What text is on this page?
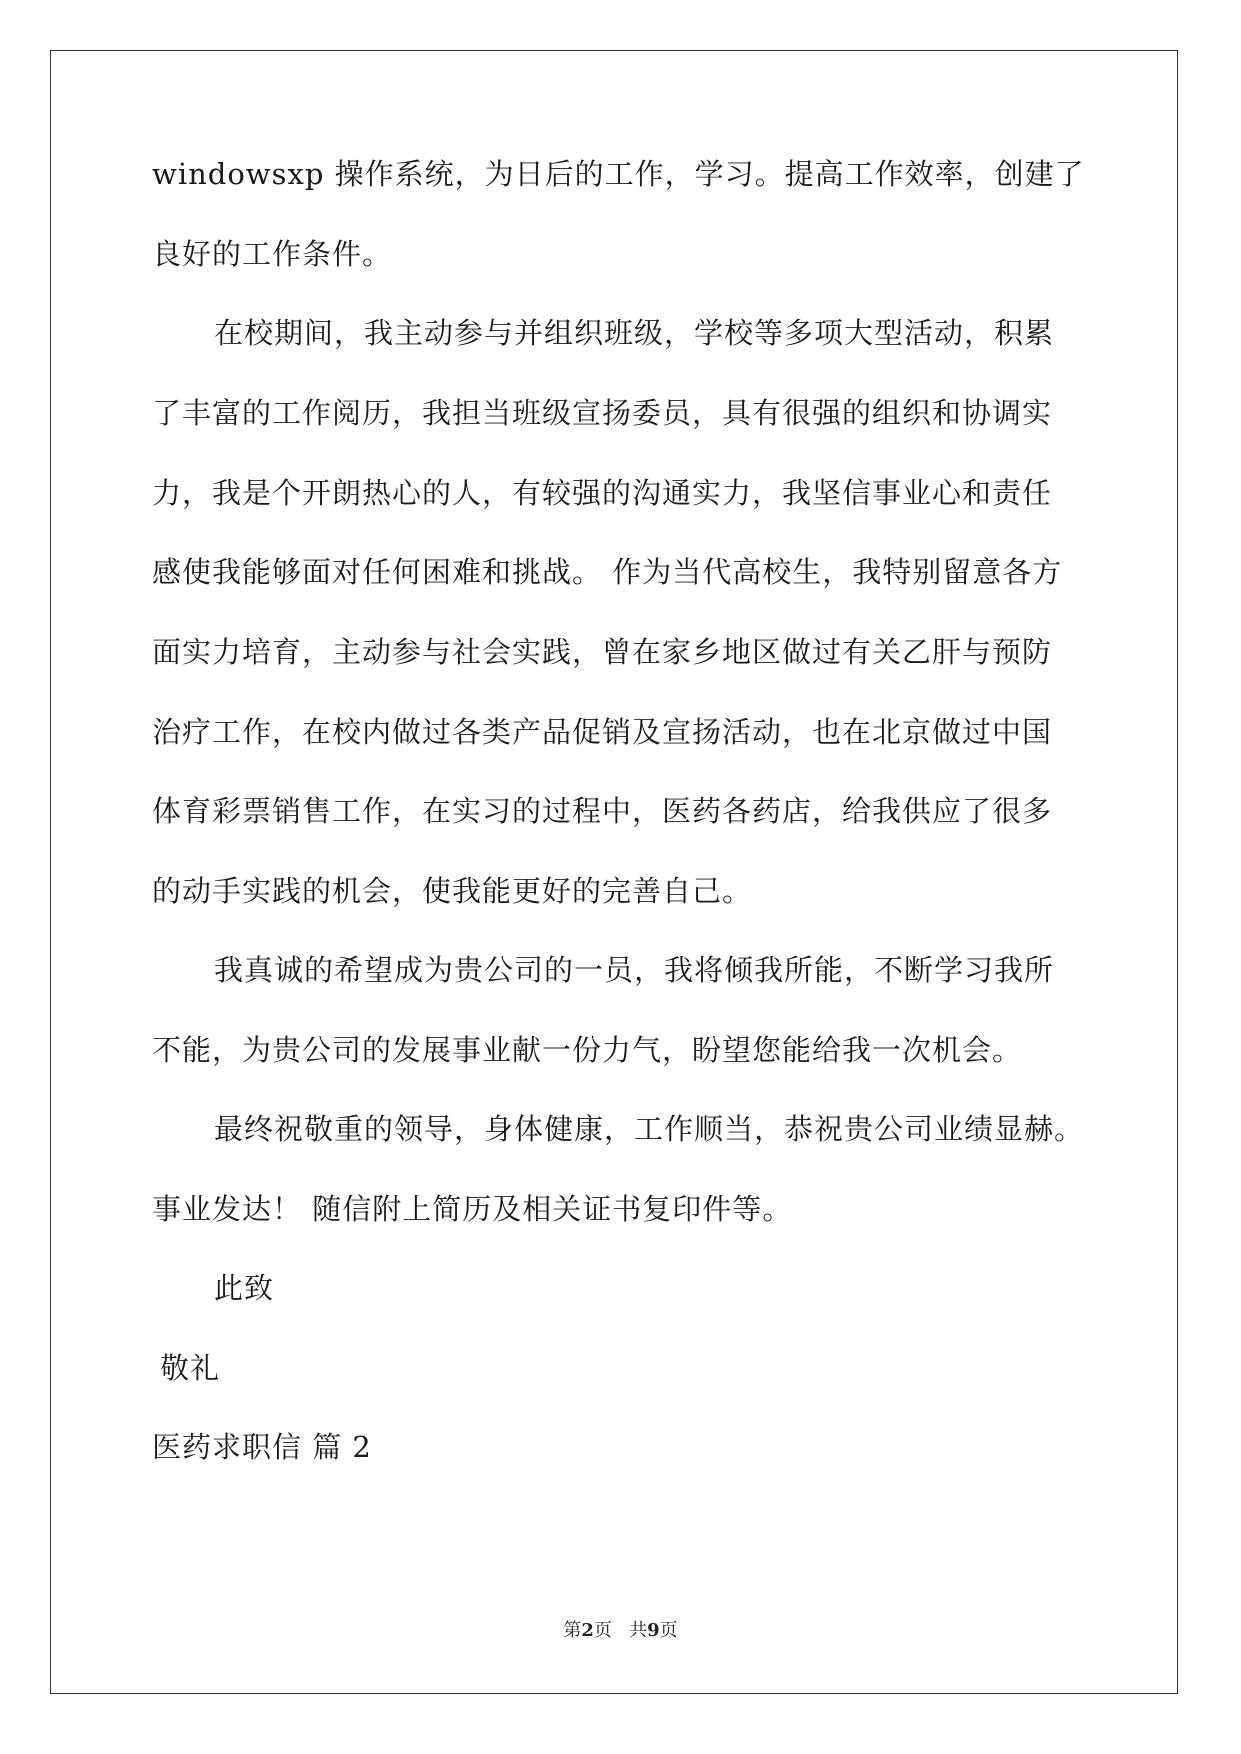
windowsxp 操作系统，为日后的工作，学习。提高工作效率，创建了
良好的工作条件。
在校期间，我主动参与并组织班级，学校等多项大型活动，积累
了丰富的工作阅历，我担当班级宣扬委员，具有很强的组织和协调实
力，我是个开朗热心的人，有较强的沟通实力，我坚信事业心和责任
感使我能够面对任何困难和挑战。 作为当代高校生，我特别留意各方
面实力培育，主动参与社会实践，曾在家乡地区做过有关乙肝与预防
治疗工作，在校内做过各类产品促销及宣扬活动，也在北京做过中国
体育彩票销售工作，在实习的过程中，医药各药店，给我供应了很多
的动手实践的机会，使我能更好的完善自己。
我真诚的希望成为贵公司的一员，我将倾我所能，不断学习我所
不能，为贵公司的发展事业献一份力气，盼望您能给我一次机会。
最终祝敬重的领导，身体健康，工作顺当，恭祝贵公司业绩显赫。
事业发达！ 随信附上简历及相关证书复印件等。
此致
敬礼
医药求职信 篇 2
第2页 共9页
